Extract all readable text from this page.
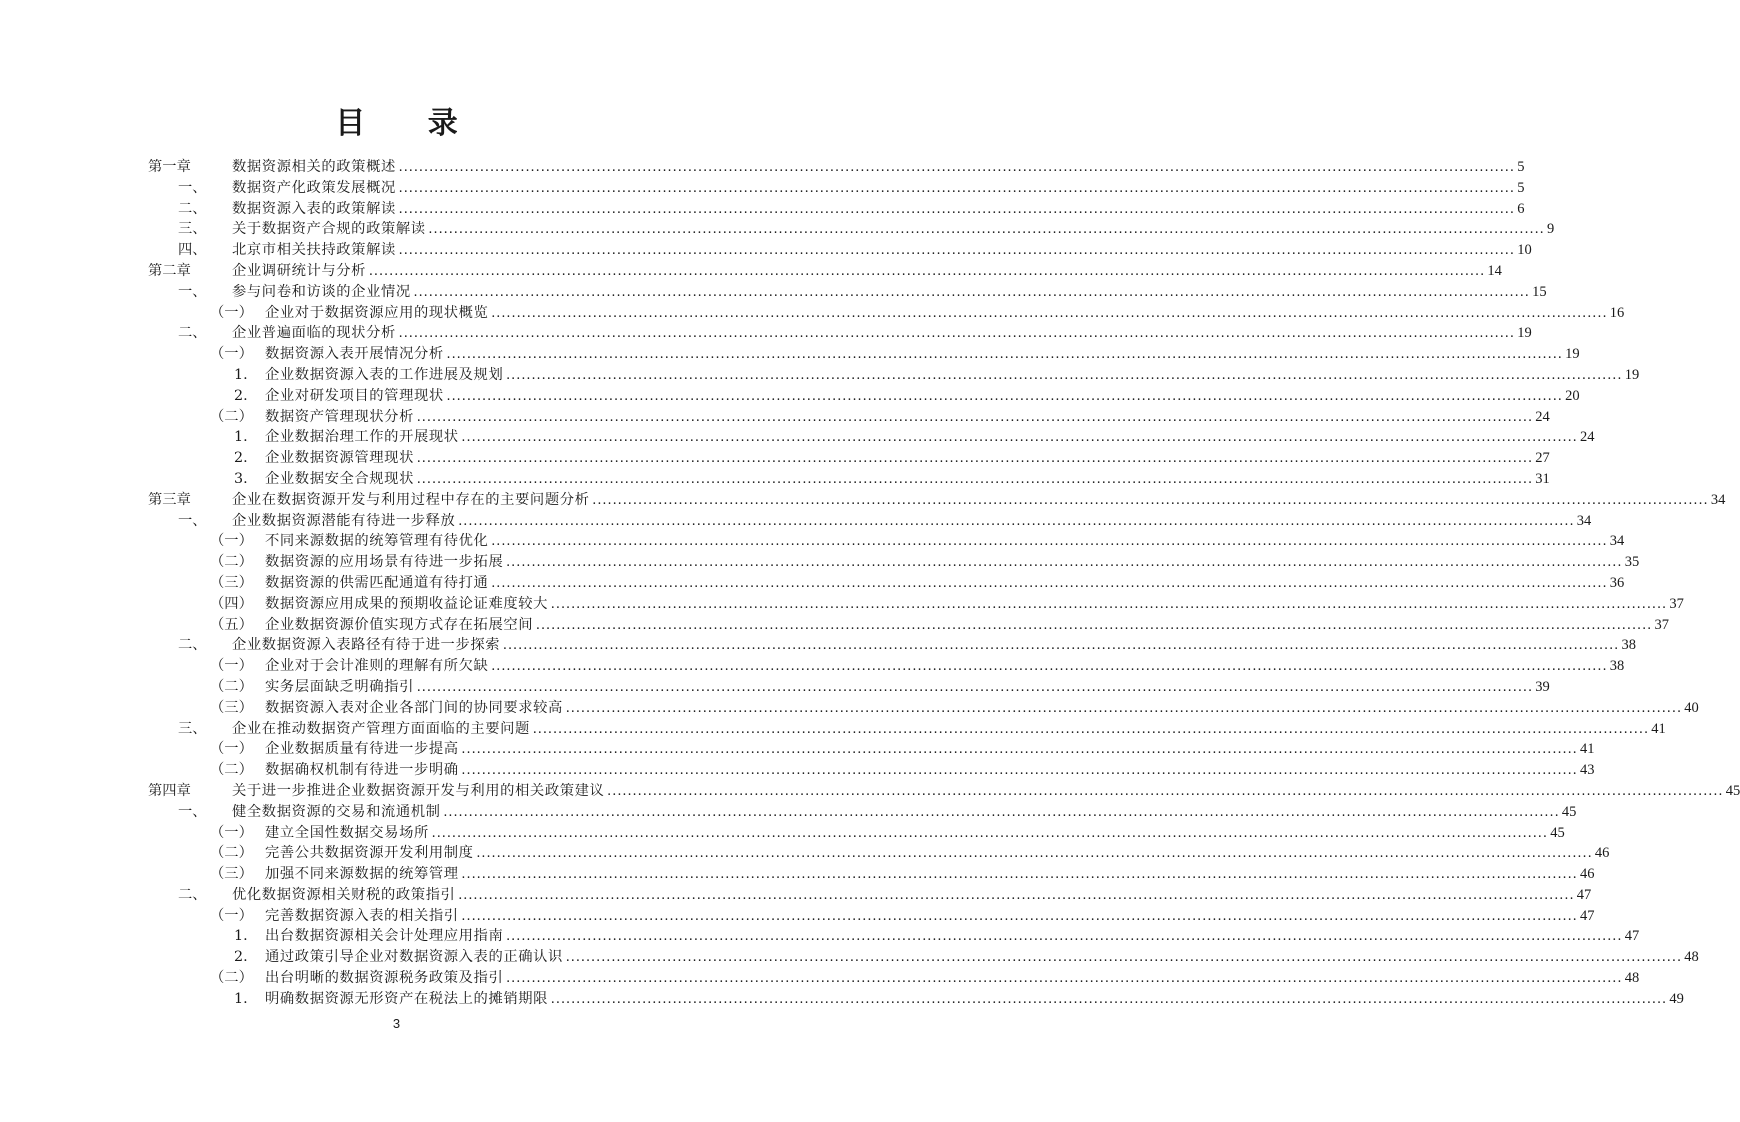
目 录
第一章	数据资源相关的政策概述 ............................................................................................................................................................................................................................ 5
一、 数据资产化政策发展概况 ............................................................................................................................................................................................................................ 5
二、 数据资源入表的政策解读 ............................................................................................................................................................................................................................ 6
三、 关于数据资产合规的政策解读 ............................................................................................................................................................................................................................ 9
四、 北京市相关扶持政策解读 ............................................................................................................................................................................................................................ 10
第二章	企业调研统计与分析 ............................................................................................................................................................................................................................ 14
一、 参与问卷和访谈的企业情况 ............................................................................................................................................................................................................................ 15
（一） 企业对于数据资源应用的现状概览 ............................................................................................................................................................................................................................ 16
二、 企业普遍面临的现状分析 ............................................................................................................................................................................................................................ 19
（一） 数据资源入表开展情况分析 ............................................................................................................................................................................................................................ 19
1. 企业数据资源入表的工作进展及规划 ............................................................................................................................................................................................................................ 19
2. 企业对研发项目的管理现状 ............................................................................................................................................................................................................................ 20
（二） 数据资产管理现状分析 ............................................................................................................................................................................................................................ 24
1. 企业数据治理工作的开展现状 ............................................................................................................................................................................................................................ 24
2. 企业数据资源管理现状 ............................................................................................................................................................................................................................ 27
3. 企业数据安全合规现状 ............................................................................................................................................................................................................................ 31
第三章	企业在数据资源开发与利用过程中存在的主要问题分析 ............................................................................................................................................................................................................................ 34
一、 企业数据资源潜能有待进一步释放 ............................................................................................................................................................................................................................ 34
（一） 不同来源数据的统筹管理有待优化 ............................................................................................................................................................................................................................ 34
（二） 数据资源的应用场景有待进一步拓展 ............................................................................................................................................................................................................................ 35
（三） 数据资源的供需匹配通道有待打通 ............................................................................................................................................................................................................................ 36
（四） 数据资源应用成果的预期收益论证难度较大 ............................................................................................................................................................................................................................ 37
（五） 企业数据资源价值实现方式存在拓展空间 ............................................................................................................................................................................................................................ 37
二、 企业数据资源入表路径有待于进一步探索 ............................................................................................................................................................................................................................ 38
（一） 企业对于会计准则的理解有所欠缺 ............................................................................................................................................................................................................................ 38
（二） 实务层面缺乏明确指引 ............................................................................................................................................................................................................................ 39
（三） 数据资源入表对企业各部门间的协同要求较高 ............................................................................................................................................................................................................................ 40
三、 企业在推动数据资产管理方面面临的主要问题 ............................................................................................................................................................................................................................ 41
（一） 企业数据质量有待进一步提高 ............................................................................................................................................................................................................................ 41
（二） 数据确权机制有待进一步明确 ............................................................................................................................................................................................................................ 43
第四章	关于进一步推进企业数据资源开发与利用的相关政策建议 ............................................................................................................................................................................................................................ 45
一、 健全数据资源的交易和流通机制 ............................................................................................................................................................................................................................ 45
（一） 建立全国性数据交易场所 ............................................................................................................................................................................................................................ 45
（二） 完善公共数据资源开发利用制度 ............................................................................................................................................................................................................................ 46
（三） 加强不同来源数据的统筹管理 ............................................................................................................................................................................................................................ 46
二、 优化数据资源相关财税的政策指引 ............................................................................................................................................................................................................................ 47
（一） 完善数据资源入表的相关指引 ............................................................................................................................................................................................................................ 47
1. 出台数据资源相关会计处理应用指南 ............................................................................................................................................................................................................................ 47
2. 通过政策引导企业对数据资源入表的正确认识 ............................................................................................................................................................................................................................ 48
（二） 出台明晰的数据资源税务政策及指引 ............................................................................................................................................................................................................................ 48
1. 明确数据资源无形资产在税法上的摊销期限 ............................................................................................................................................................................................................................ 49
3
